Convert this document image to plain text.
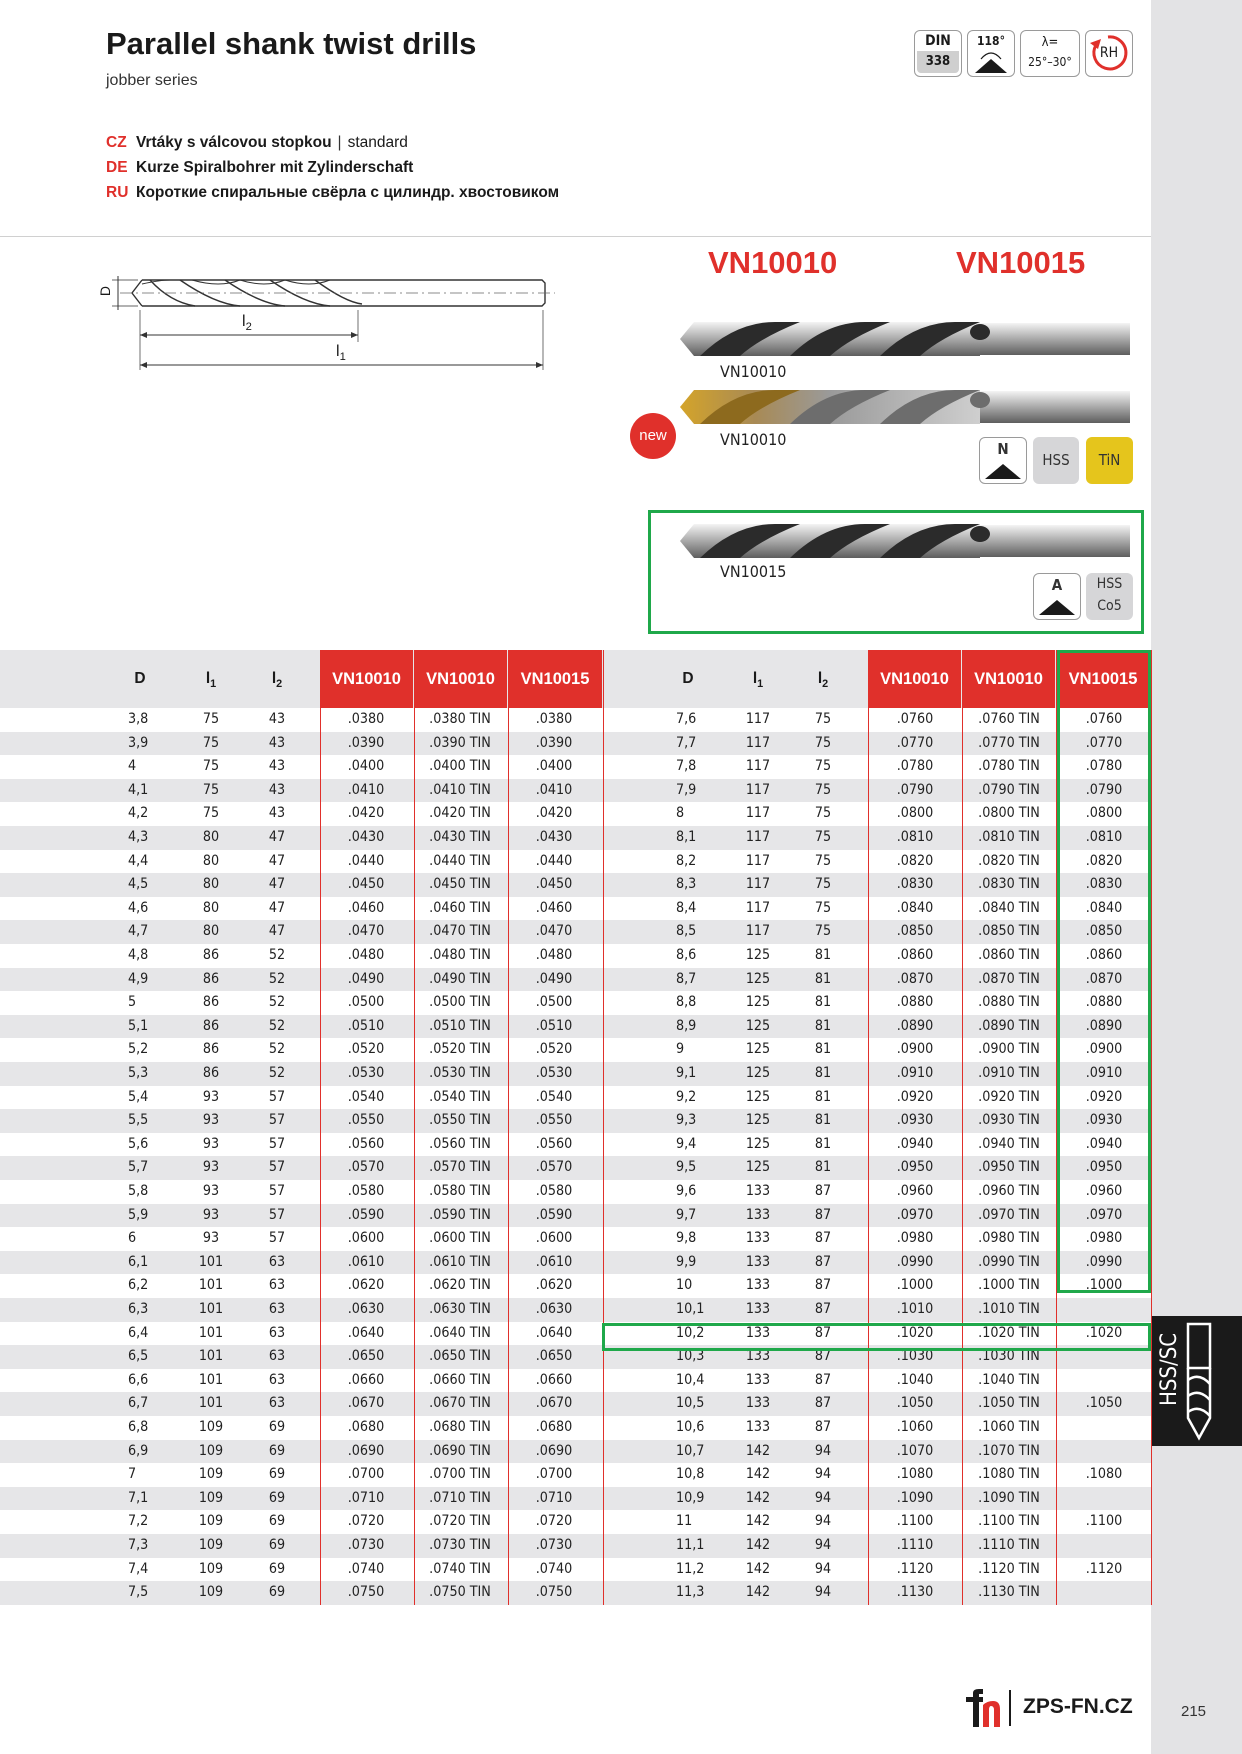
HSS/SC
215
Parallel shank twist drills
jobber series
CZ Vrtáky s válcovou stopkou | standard
DE Kurze Spiralbohrer mit Zylinderschaft
RU Короткие спиральные свёрла с цилиндр. хвостовиком
DIN
338
118°	λ=
25°–30°
RH
D
$l_2$
$l_1$
VN10010	VN10015
VN10010
VN10010
new
N
HSS	TiN
VN10015
A	HSS
Co5
D	$l_1$	$l_2$	VN10010	VN10010	VN10015
3,8	75	43	.0380	.0380 TIN	.0380
3,9	75	43	.0390	.0390 TIN	.0390
4	75	43	.0400	.0400 TIN	.0400
4,1	75	43	.0410	.0410 TIN	.0410
4,2	75	43	.0420	.0420 TIN	.0420
4,3	80	47	.0430	.0430 TIN	.0430
4,4	80	47	.0440	.0440 TIN	.0440
4,5	80	47	.0450	.0450 TIN	.0450
4,6	80	47	.0460	.0460 TIN	.0460
4,7	80	47	.0470	.0470 TIN	.0470
4,8	86	52	.0480	.0480 TIN	.0480
4,9	86	52	.0490	.0490 TIN	.0490
5	86	52	.0500	.0500 TIN	.0500
5,1	86	52	.0510	.0510 TIN	.0510
5,2	86	52	.0520	.0520 TIN	.0520
5,3	86	52	.0530	.0530 TIN	.0530
5,4	93	57	.0540	.0540 TIN	.0540
5,5	93	57	.0550	.0550 TIN	.0550
5,6	93	57	.0560	.0560 TIN	.0560
5,7	93	57	.0570	.0570 TIN	.0570
5,8	93	57	.0580	.0580 TIN	.0580
5,9	93	57	.0590	.0590 TIN	.0590
6	93	57	.0600	.0600 TIN	.0600
6,1	101	63	.0610	.0610 TIN	.0610
6,2	101	63	.0620	.0620 TIN	.0620
6,3	101	63	.0630	.0630 TIN	.0630
6,4	101	63	.0640	.0640 TIN	.0640
6,5	101	63	.0650	.0650 TIN	.0650
6,6	101	63	.0660	.0660 TIN	.0660
6,7	101	63	.0670	.0670 TIN	.0670
6,8	109	69	.0680	.0680 TIN	.0680
6,9	109	69	.0690	.0690 TIN	.0690
7	109	69	.0700	.0700 TIN	.0700
7,1	109	69	.0710	.0710 TIN	.0710
7,2	109	69	.0720	.0720 TIN	.0720
7,3	109	69	.0730	.0730 TIN	.0730
7,4	109	69	.0740	.0740 TIN	.0740
7,5	109	69	.0750	.0750 TIN	.0750
D	$l_1$	$l_2$	VN10010	VN10010	VN10015
7,6	117	75	.0760	.0760 TIN	.0760
7,7	117	75	.0770	.0770 TIN	.0770
7,8	117	75	.0780	.0780 TIN	.0780
7,9	117	75	.0790	.0790 TIN	.0790
8	117	75	.0800	.0800 TIN	.0800
8,1	117	75	.0810	.0810 TIN	.0810
8,2	117	75	.0820	.0820 TIN	.0820
8,3	117	75	.0830	.0830 TIN	.0830
8,4	117	75	.0840	.0840 TIN	.0840
8,5	117	75	.0850	.0850 TIN	.0850
8,6	125	81	.0860	.0860 TIN	.0860
8,7	125	81	.0870	.0870 TIN	.0870
8,8	125	81	.0880	.0880 TIN	.0880
8,9	125	81	.0890	.0890 TIN	.0890
9	125	81	.0900	.0900 TIN	.0900
9,1	125	81	.0910	.0910 TIN	.0910
9,2	125	81	.0920	.0920 TIN	.0920
9,3	125	81	.0930	.0930 TIN	.0930
9,4	125	81	.0940	.0940 TIN	.0940
9,5	125	81	.0950	.0950 TIN	.0950
9,6	133	87	.0960	.0960 TIN	.0960
9,7	133	87	.0970	.0970 TIN	.0970
9,8	133	87	.0980	.0980 TIN	.0980
9,9	133	87	.0990	.0990 TIN	.0990
10	133	87	.1000	.1000 TIN	.1000
10,1	133	87	.1010	.1010 TIN
10,2	133	87	.1020	.1020 TIN	.1020
10,3	133	87	.1030	.1030 TIN
10,4	133	87	.1040	.1040 TIN
10,5	133	87	.1050	.1050 TIN	.1050
10,6	133	87	.1060	.1060 TIN
10,7	142	94	.1070	.1070 TIN
10,8	142	94	.1080	.1080 TIN	.1080
10,9	142	94	.1090	.1090 TIN
11	142	94	.1100	.1100 TIN	.1100
11,1	142	94	.1110	.1110 TIN
11,2	142	94	.1120	.1120 TIN	.1120
11,3	142	94	.1130	.1130 TIN
ZPS-FN.CZ
